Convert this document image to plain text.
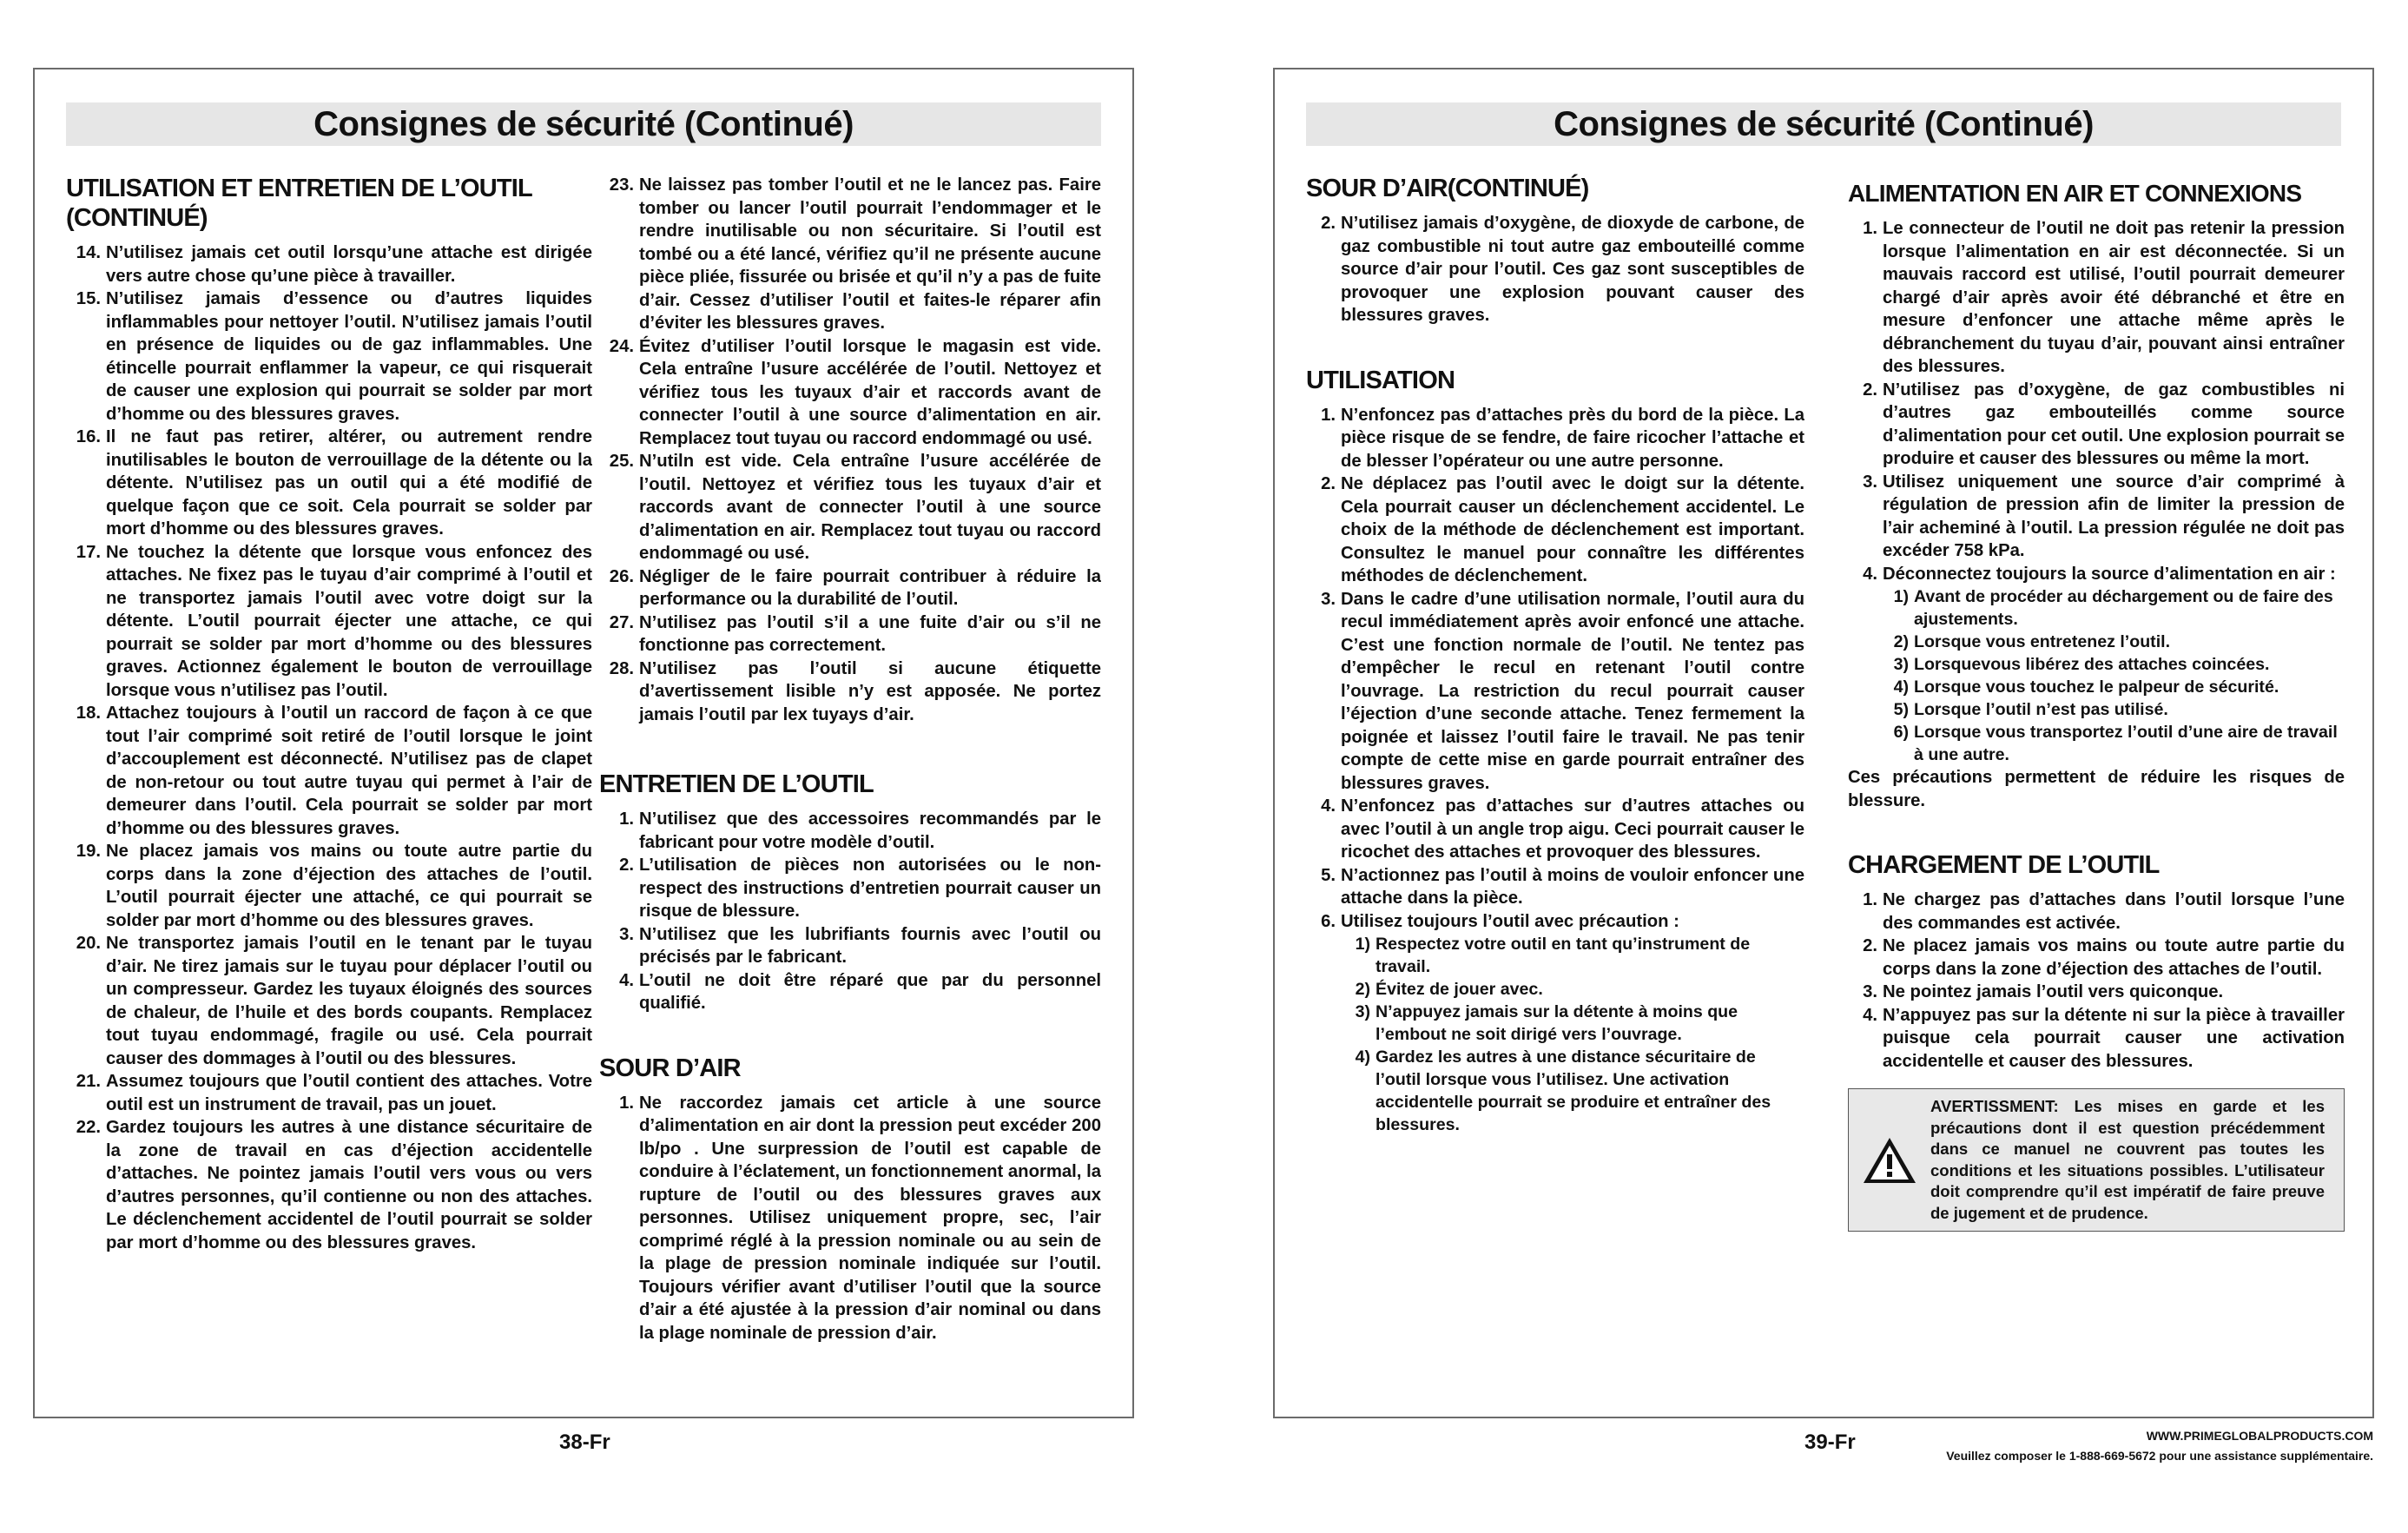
Consignes de sécurité (Continué)
UTILISATION ET ENTRETIEN DE L’OUTIL (CONTINUÉ)
14. N’utilisez jamais cet outil lorsqu’une attache est dirigée vers autre chose qu’une pièce à travailler.
15. N’utilisez jamais d’essence ou d’autres liquides inflammables pour nettoyer l’outil. N’utilisez jamais l’outil en présence de liquides ou de gaz inflammables. Une étincelle pourrait enflammer la vapeur, ce qui risquerait de causer une explosion qui pourrait se solder par mort d’homme ou des blessures graves.
16. Il ne faut pas retirer, altérer, ou autrement rendre inutilisables le bouton de verrouillage de la détente ou la détente. N’utilisez pas un outil qui a été modifié de quelque façon que ce soit. Cela pourrait se solder par mort d’homme ou des blessures graves.
17. Ne touchez la détente que lorsque vous enfoncez des attaches. Ne fixez pas le tuyau d’air comprimé à l’outil et ne transportez jamais l’outil avec votre doigt sur la détente. L’outil pourrait éjecter une attache, ce qui pourrait se solder par mort d’homme ou des blessures graves. Actionnez également le bouton de verrouillage lorsque vous n’utilisez pas l’outil.
18. Attachez toujours à l’outil un raccord de façon à ce que tout l’air comprimé soit retiré de l’outil lorsque le joint d’accouplement est déconnecté. N’utilisez pas de clapet de non-retour ou tout autre tuyau qui permet à l’air de demeurer dans l’outil. Cela pourrait se solder par mort d’homme ou des blessures graves.
19. Ne placez jamais vos mains ou toute autre partie du corps dans la zone d’éjection des attaches de l’outil. L’outil pourrait éjecter une attaché, ce qui pourrait se solder par mort d’homme ou des blessures graves.
20. Ne transportez jamais l’outil en le tenant par le tuyau d’air. Ne tirez jamais sur le tuyau pour déplacer l’outil ou un compresseur. Gardez les tuyaux éloignés des sources de chaleur, de l’huile et des bords coupants. Remplacez tout tuyau endommagé, fragile ou usé. Cela pourrait causer des dommages à l’outil ou des blessures.
21. Assumez toujours que l’outil contient des attaches. Votre outil est un instrument de travail, pas un jouet.
22. Gardez toujours les autres à une distance sécuritaire de la zone de travail en cas d’éjection accidentelle d’attaches. Ne pointez jamais l’outil vers vous ou vers d’autres personnes, qu’il contienne ou non des attaches. Le déclenchement accidentel de l’outil pourrait se solder par mort d’homme ou des blessures graves.
23. Ne laissez pas tomber l’outil et ne le lancez pas. Faire tomber ou lancer l’outil pourrait l’endommager et le rendre inutilisable ou non sécuritaire. Si l’outil est tombé ou a été lancé, vérifiez qu’il ne présente aucune pièce pliée, fissurée ou brisée et qu’il n’y a pas de fuite d’air. Cessez d’utiliser l’outil et faites-le réparer afin d’éviter les blessures graves.
24. Évitez d’utiliser l’outil lorsque le magasin est vide. Cela entraîne l’usure accélérée de l’outil. Nettoyez et vérifiez tous les tuyaux d’air et raccords avant de connecter l’outil à une source d’alimentation en air. Remplacez tout tuyau ou raccord endommagé ou usé.
25. N’utiln est vide. Cela entraîne l’usure accélérée de l’outil. Nettoyez et vérifiez tous les tuyaux d’air et raccords avant de connecter l’outil à une source d’alimentation en air. Remplacez tout tuyau ou raccord endommagé ou usé.
26. Négliger de le faire pourrait contribuer à réduire la performance ou la durabilité de l’outil.
27. N’utilisez pas l’outil s’il a une fuite d’air ou s’il ne fonctionne pas correctement.
28. N’utilisez pas l’outil si aucune étiquette d’avertissement lisible n’y est apposée. Ne portez jamais l’outil par lex tuyays d’air.
ENTRETIEN DE L’OUTIL
1. N’utilisez que des accessoires recommandés par le fabricant pour votre modèle d’outil.
2. L’utilisation de pièces non autorisées ou le non-respect des instructions d’entretien pourrait causer un risque de blessure.
3. N’utilisez que les lubrifiants fournis avec l’outil ou précisés par le fabricant.
4. L’outil ne doit être réparé que par du personnel qualifié.
SOUR D’AIR
1. Ne raccordez jamais cet article à une source d’alimentation en air dont la pression peut excéder 200 lb/po . Une surpression de l’outil est capable de conduire à l’éclatement, un fonctionnement anormal, la rupture de l’outil ou des blessures graves aux personnes. Utilisez uniquement propre, sec, l’air comprimé réglé à la pression nominale ou au sein de la plage de pression nominale indiquée sur l’outil. Toujours vérifier avant d’utiliser l’outil que la source d’air a été ajustée à la pression d’air nominal ou dans la plage nominale de pression d’air.
38-Fr
Consignes de sécurité (Continué)
SOUR D’AIR(CONTINUÉ)
2. N’utilisez jamais d’oxygène, de dioxyde de carbone, de gaz combustible ni tout autre gaz embouteillé comme source d’air pour l’outil. Ces gaz sont susceptibles de provoquer une explosion pouvant causer des blessures graves.
UTILISATION
1. N’enfoncez pas d’attaches près du bord de la pièce. La pièce risque de se fendre, de faire ricocher l’attache et de blesser l’opérateur ou une autre personne.
2. Ne déplacez pas l’outil avec le doigt sur la détente. Cela pourrait causer un déclenchement accidentel. Le choix de la méthode de déclenchement est important. Consultez le manuel pour connaître les différentes méthodes de déclenchement.
3. Dans le cadre d’une utilisation normale, l’outil aura du recul immédiatement après avoir enfoncé une attache. C’est une fonction normale de l’outil. Ne tentez pas d’empêcher le recul en retenant l’outil contre l’ouvrage. La restriction du recul pourrait causer l’éjection d’une seconde attache. Tenez fermement la poignée et laissez l’outil faire le travail. Ne pas tenir compte de cette mise en garde pourrait entraîner des blessures graves.
4. N’enfoncez pas d’attaches sur d’autres attaches ou avec l’outil à un angle trop aigu. Ceci pourrait causer le ricochet des attaches et provoquer des blessures.
5. N’actionnez pas l’outil à moins de vouloir enfoncer une attache dans la pièce.
6. Utilisez toujours l’outil avec précaution :
1) Respectez votre outil en tant qu’instrument de travail.
2) Évitez de jouer avec.
3) N’appuyez jamais sur la détente à moins que l’embout ne soit dirigé vers l’ouvrage.
4) Gardez les autres à une distance sécuritaire de l’outil lorsque vous l’utilisez. Une activation accidentelle pourrait se produire et entraîner des blessures.
ALIMENTATION EN AIR ET CONNEXIONS
1. Le connecteur de l’outil ne doit pas retenir la pression lorsque l’alimentation en air est déconnectée. Si un mauvais raccord est utilisé, l’outil pourrait demeurer chargé d’air après avoir été débranché et être en mesure d’enfoncer une attache même après le débranchement du tuyau d’air, pouvant ainsi entraîner des blessures.
2. N’utilisez pas d’oxygène, de gaz combustibles ni d’autres gaz embouteillés comme source d’alimentation pour cet outil. Une explosion pourrait se produire et causer des blessures ou même la mort.
3. Utilisez uniquement une source d’air comprimé à régulation de pression afin de limiter la pression de l’air acheminé à l’outil. La pression régulée ne doit pas excéder 758 kPa.
4. Déconnectez toujours la source d’alimentation en air :
1) Avant de procéder au déchargement ou de faire des ajustements.
2) Lorsque vous entretenez l’outil.
3) Lorsquevous libérez des attaches coincées.
4) Lorsque vous touchez le palpeur de sécurité.
5) Lorsque l’outil n’est pas utilisé.
6) Lorsque vous transportez l’outil d’une aire de travail à une autre.
Ces précautions permettent de réduire les risques de blessure.
CHARGEMENT DE L’OUTIL
1. Ne chargez pas d’attaches dans l’outil lorsque l’une des commandes est activée.
2. Ne placez jamais vos mains ou toute autre partie du corps dans la zone d’éjection des attaches de l’outil.
3. Ne pointez jamais l’outil vers quiconque.
4. N’appuyez pas sur la détente ni sur la pièce à travailler puisque cela pourrait causer une activation accidentelle et causer des blessures.
AVERTISSMENT: Les mises en garde et les précautions dont il est question précédemment dans ce manuel ne couvrent pas toutes les conditions et les situations possibles. L’utilisateur doit comprendre qu’il est impératif de faire preuve de jugement et de prudence.
39-Fr	WWW.PRIMEGLOBALPRODUCTS.COM
Veuillez composer le 1-888-669-5672 pour une assistance supplémentaire.
